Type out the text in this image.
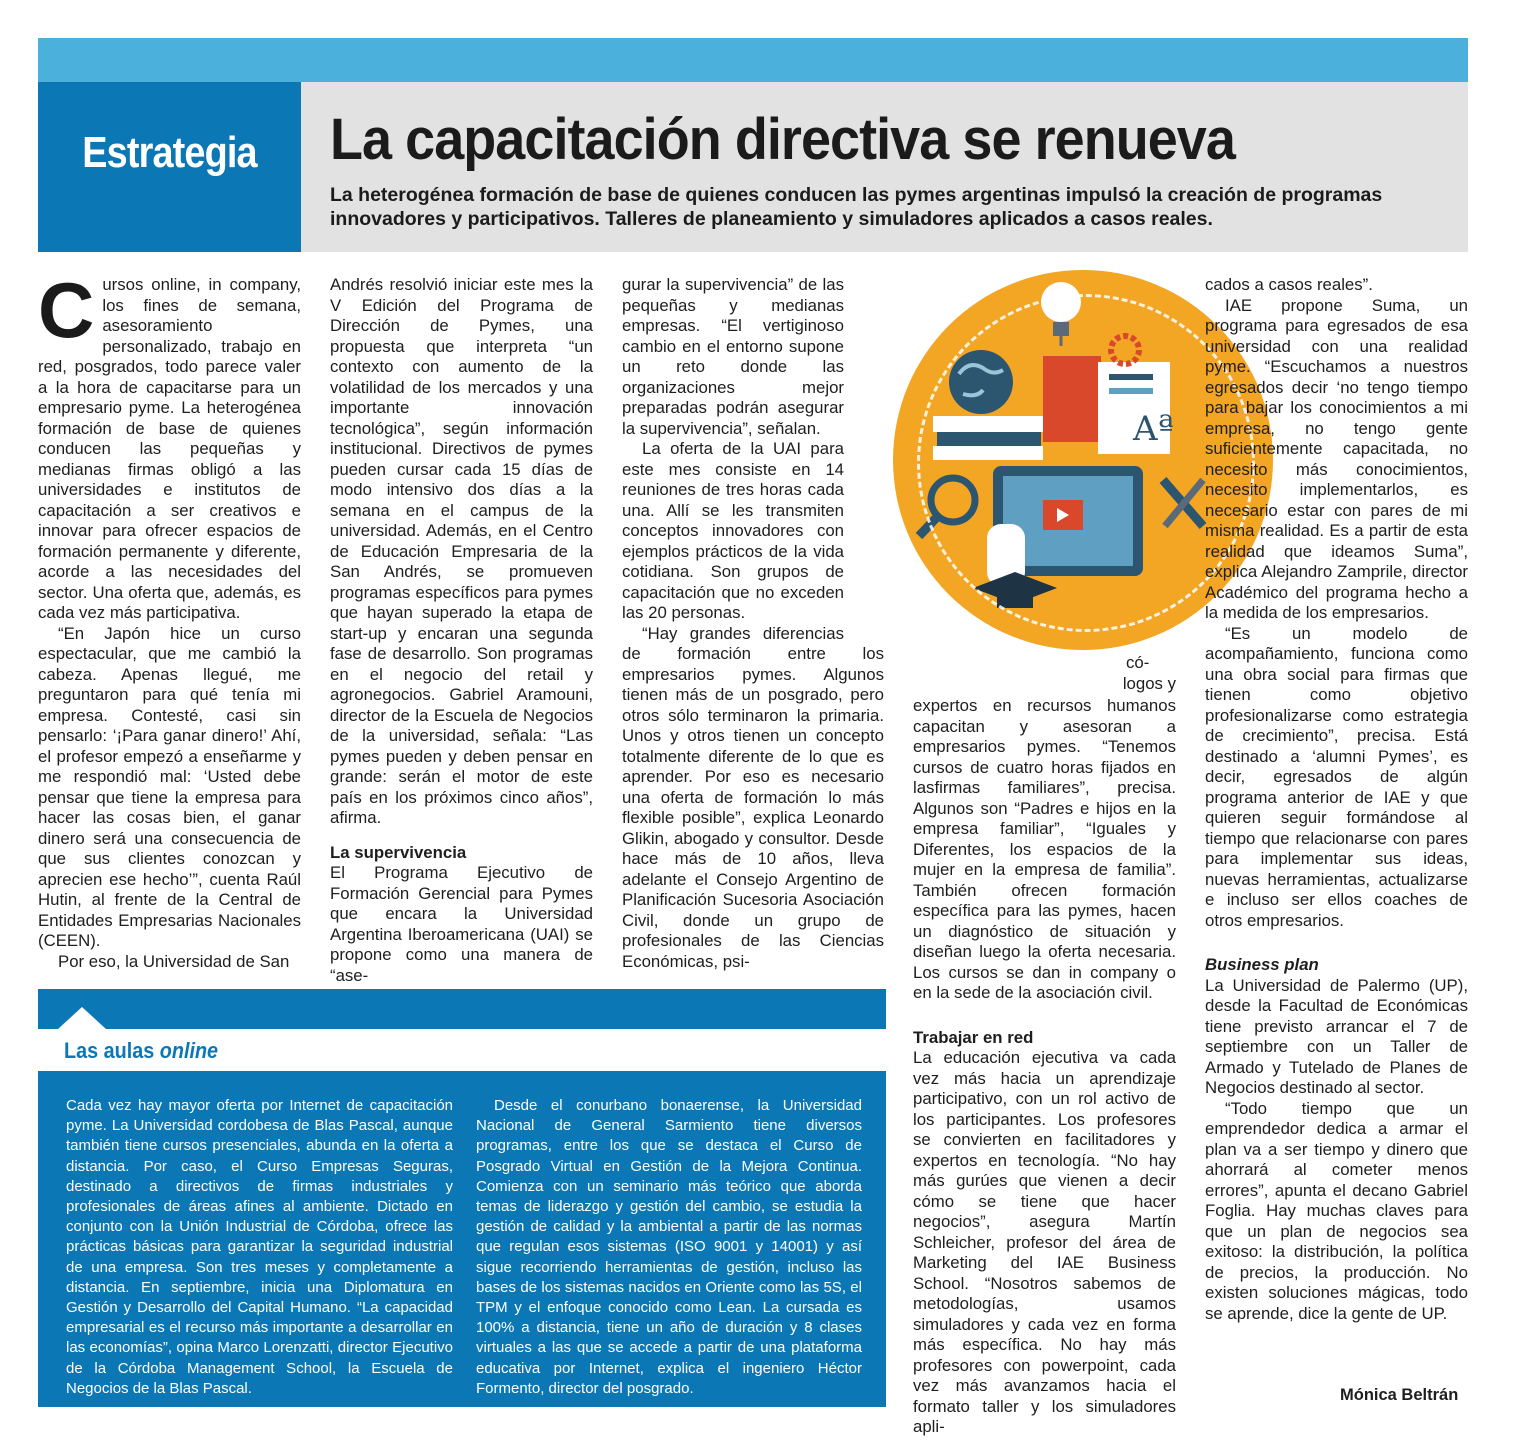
Estrategia	La capacitación directiva se renueva
La heterogénea formación de base de quienes conducen las pymes argentinas impulsó la creación de programas innovadores y participativos. Talleres de planeamiento y simuladores aplicados a casos reales.
C ursos online, in company, los fines de semana, asesoramiento personalizado, trabajo en red, posgrados, todo parece valer a la hora de capacitarse para un empresario pyme. La heterogénea formación de base de quienes conducen las pequeñas y medianas firmas obligó a las universidades e institutos de capacitación a ser creativos e innovar para ofrecer espacios de formación permanente y diferente, acorde a las necesidades del sector. Una oferta que, además, es cada vez más participativa.

“En Japón hice un curso espectacular, que me cambió la cabeza. Apenas llegué, me preguntaron para qué tenía mi empresa. Contesté, casi sin pensarlo: ‘¡Para ganar dinero!’ Ahí, el profesor empezó a enseñarme y me respondió mal: ‘Usted debe pensar que tiene la empresa para hacer las cosas bien, el ganar dinero será una consecuencia de que sus clientes conozcan y aprecien ese hecho’”, cuenta Raúl Hutin, al frente de la Central de Entidades Empresarias Nacionales (CEEN).

Por eso, la Universidad de San

Andrés resolvió iniciar este mes la V Edición del Programa de Dirección de Pymes, una propuesta que interpreta “un contexto con aumento de la volatilidad de los mercados y una importante innovación tecnológica”, según información institucional. Directivos de pymes pueden cursar cada 15 días de modo intensivo dos días a la semana en el campus de la universidad. Además, en el Centro de Educación Empresaria de la San Andrés, se promueven programas específicos para pymes que hayan superado la etapa de start-up y encaran una segunda fase de desarrollo. Son programas en el negocio del retail y agronegocios. Gabriel Aramouni, director de la Escuela de Negocios de la universidad, señala: “Las pymes pueden y deben pensar en grande: serán el motor de este país en los próximos cinco años”, afirma.

La supervivencia

El Programa Ejecutivo de Formación Gerencial para Pymes que encara la Universidad Argentina Iberoamericana (UAI) se propone como una manera de “ase-

gurar la supervivencia” de las pequeñas y medianas empresas. “El vertiginoso cambio en el entorno supone un reto donde las organizaciones mejor preparadas podrán asegurar la supervivencia”, señalan.

La oferta de la UAI para este mes consiste en 14 reuniones de tres horas cada una. Allí se les transmiten conceptos innovadores con ejemplos prácticos de la vida cotidiana. Son grupos de capacitación que no exceden las 20 personas.

“Hay grandes diferencias de formación entre los empresarios pymes. Algunos tienen más de un posgrado, pero otros sólo terminaron la primaria. Unos y otros tienen un concepto totalmente diferente de lo que es aprender. Por eso es necesario una oferta de formación lo más flexible posible”, explica Leonardo Glikin, abogado y consultor. Desde hace más de 10 años, lleva adelante el Consejo Argentino de Planificación Sucesoria Asociación Civil, donde un grupo de profesionales de las Ciencias Económicas, psi-

Aª
có-
logos y

expertos en recursos humanos capacitan y asesoran a empresarios pymes. “Tenemos cursos de cuatro horas fijados en lasfirmas familiares”, precisa. Algunos son “Padres e hijos en la empresa familiar”, “Iguales y Diferentes, los espacios de la mujer en la empresa de familia”. También ofrecen formación específica para las pymes, hacen un diagnóstico de situación y diseñan luego la oferta necesaria. Los cursos se dan in company o en la sede de la asociación civil.

Trabajar en red

La educación ejecutiva va cada vez más hacia un aprendizaje participativo, con un rol activo de los participantes. Los profesores se convierten en facilitadores y expertos en tecnología. “No hay más gurúes que vienen a decir cómo se tiene que hacer negocios”, asegura Martín Schleicher, profesor del área de Marketing del IAE Business School. “Nosotros sabemos de metodologías, usamos simuladores y cada vez en forma más específica. No hay más profesores con powerpoint, cada vez más avanzamos hacia el formato taller y los simuladores apli-

cados a casos reales”.

IAE propone Suma, un programa para egresados de esa universidad con una realidad pyme. “Escuchamos a nuestros egresados decir ‘no tengo tiempo para bajar los conocimientos a mi empresa, no tengo gente suficientemente capacitada, no necesito más conocimientos, necesito implementarlos, es necesario estar con pares de mi misma realidad. Es a partir de esta realidad que ideamos Suma”, explica Alejandro Zamprile, director Académico del programa hecho a la medida de los empresarios.

“Es un modelo de acompañamiento, funciona como una obra social para firmas que tienen como objetivo profesionalizarse como estrategia de crecimiento”, precisa. Está destinado a ‘alumni Pymes’, es decir, egresados de algún programa anterior de IAE y que quieren seguir formándose al tiempo que relacionarse con pares para implementar sus ideas, nuevas herramientas, actualizarse e incluso ser ellos coaches de otros empresarios.

Business plan

La Universidad de Palermo (UP), desde la Facultad de Económicas tiene previsto arrancar el 7 de septiembre con un Taller de Armado y Tutelado de Planes de Negocios destinado al sector.

“Todo tiempo que un emprendedor dedica a armar el plan va a ser tiempo y dinero que ahorrará al cometer menos errores”, apunta el decano Gabriel Foglia. Hay muchas claves para que un plan de negocios sea exitoso: la distribución, la política de precios, la producción. No existen soluciones mágicas, todo se aprende, dice la gente de UP.

Mónica Beltrán
Las aulas online

Cada vez hay mayor oferta por Internet de capacitación pyme. La Universidad cordobesa de Blas Pascal, aunque también tiene cursos presenciales, abunda en la oferta a distancia. Por caso, el Curso Empresas Seguras, destinado a directivos de firmas industriales y profesionales de áreas afines al ambiente. Dictado en conjunto con la Unión Industrial de Córdoba, ofrece las prácticas básicas para garantizar la seguridad industrial de una empresa. Son tres meses y completamente a distancia. En septiembre, inicia una Diplomatura en Gestión y Desarrollo del Capital Humano. “La capacidad empresarial es el recurso más importante a desarrollar en las economías”, opina Marco Lorenzatti, director Ejecutivo de la Córdoba Management School, la Escuela de Negocios de la Blas Pascal.

Desde el conurbano bonaerense, la Universidad Nacional de General Sarmiento tiene diversos programas, entre los que se destaca el Curso de Posgrado Virtual en Gestión de la Mejora Continua. Comienza con un seminario más teórico que aborda temas de liderazgo y gestión del cambio, se estudia la gestión de calidad y la ambiental a partir de las normas que regulan esos sistemas (ISO 9001 y 14001) y así sigue recorriendo herramientas de gestión, incluso las bases de los sistemas nacidos en Oriente como las 5S, el TPM y el enfoque conocido como Lean. La cursada es 100% a distancia, tiene un año de duración y 8 clases virtuales a las que se accede a partir de una plataforma educativa por Internet, explica el ingeniero Héctor Formento, director del posgrado.
